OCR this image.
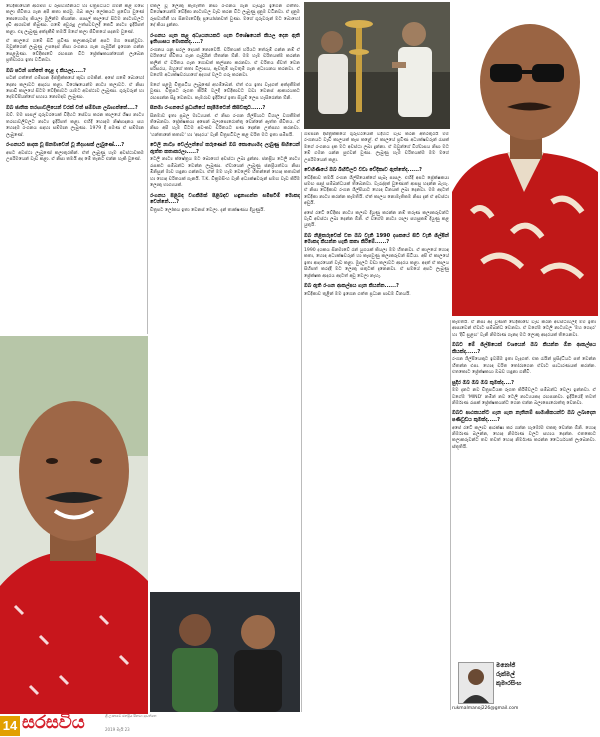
වේදිකාවෙන් ආරම්භ වී රූපවාහිනියට හා චිත්‍රපටියට ගමන් කළ ඔබේ කලා ජීවිතය ගැන අපි කතා කරමු. ඔබ කලා ලෝකයට ප්‍රවේශ වුණේ කොහොමද කියලා මුලින්ම කියන්න. පාසල් කාලයේ සිටම නාට්‍යවලට දැඩි ආශාවක් තිබුණා. ගමේ අවුරුදු උත්සවවලදී කෙටි නාට්‍ය ඉදිරිපත් කළා. එදා ලැබුණු අත්දැකීම් තමයි මගේ කලා ජීවිතයේ පදනම වුණේ.

ඒ කාලයේ ගමේ සිටි ප්‍රවීණ කලාකරුවන් අපට මග පෙන්වූවා. ඔවුන්ගෙන් ලැබුණු උපදෙස් නිසා රංගනය ගැන ගැඹුරින් ඉගෙන ගන්න පෙළඹුණා. වේදිකාවේ රඟපාන විට ප්‍රේක්ෂකයන්ගෙන් ලැබෙන ප්‍රතිචාරය ඉතා වටිනවා.

ඔබ පටන් ගත්තේ දෙළ ද කියලද.....?

පටන් ගත්තේ ගම්පාන දිස්ත්‍රික්කයේ කුඩා ගමකින්. අපේ ගමේ බොහෝ දෙනා කලාවට ආදරය කළා. විශේෂයෙන්ම නාට්‍ය කලාවට. ඒ නිසා පොඩි කාලයේ සිටම වේදිකාවට යාමට අවස්ථාව ලැබුණා. ගුරුවරුන් හා දෙමව්පියන්ගේ සහාය නොමඳව ලැබුණා.

ඔබ ජාතික තරඟාවලියෙන් වරක් වත් සම්මාන ලබාගත්තේ....?

ඔව්. මම පාසල් ගුරුවරයෙක් විදිහට සේවය කරන කාලයේ ශිෂ්‍ය නාට්‍ය තරඟාවලිවලට නාට්‍ය ඉදිරිපත් කළා. එහිදී හොඳම නිෂ්පාදනය සහ හොඳම රංගනය සඳහා සම්මාන ලැබුණා. 1979 දී පමණ ඒ සම්මාන ලැබුණේ.

රංගනයට පාදක වූ සිනමාවෙන් වූ නිදහසක් ලැබුණේ....?

අපට අවස්ථා ලැබුණේ කලාතුරකින්. ඒත් ලැබුණු හැම අවස්ථාවකම උපරිමයෙන් වැඩ කළා. ඒ නිසා තමයි අද මේ තැනට එන්න හැකි වුණේ.

එකල වූ ලොකු කැමැත්ත නිසා රංගනය ගැන වැඩිදුර ඉගෙන ගත්තා. විශේෂයෙන්ම වේදිකා නාට්‍යවල වැඩ කරන විට ලැබුණු දැනුම වටිනවා. ඒ දැනුම රූපවාහිනී හා සිනමාවේදීද ප්‍රයෝජනවත් වුණා. මගේ ගුරුවරුන් මට බොහෝ දේ කියා දුන්නා.

රංගනය ගැන කළ අධ්‍යයනයකට ගැන විශේෂයෙන් කියල දෙන ඇති ඉතිහාසය මොකක්ද.....?

රංගනය යනු සරල දෙයක් නොවෙයි. චරිතයක් හරියට තේරුම් ගන්න නම් ඒ චරිතයේ ජීවිතය ගැන ගැඹුරින් හිතන්න ඕනි. මම හැම චරිතයක්ම කරන්න කලින් ඒ චරිතය ගැන ගොඩක් කල්පනා කරනවා. ඒ චරිතය ජීවත් වෙන පරිසරය, ඔහුගේ කතා විලාසය, ඇවතුම් පැවතුම් ගැන අධ්‍යයනය කරනවා. ඒ වගේම අධ්‍යක්ෂවරයාගේ අදහස් වලට ගරු කරනවා.

මගේ පළමු චිත්‍රපටිය ලැබුණේ අහම්බෙන්. ඒත් එය ඉතා වැදගත් අත්දැකීමක් වුණා. චිත්‍රපට රූගත කිරීම් වලදී වේදිකාවට වඩා වෙනස් ආකාරයකට රඟපාන්න සිදු වෙනවා. කැමරාව ඉදිරියේ ඉතා සියුම් ලෙස හැසිරෙන්න ඕනි.

සිනමා රංගනයේ ප්‍රධානියේ කැපීමටෙන් කිසිවකුට......?

සිනමාව ඉතා ප්‍රබල මාධ්‍යයක්. ඒ නිසා රංගන ශිල්පියාට විශාල වගකීමක් තිබෙනවා. ප්‍රේක්ෂකයා අපෙන් බලාපොරොත්තු වෙන්නේ ඇත්ත ජීවිතය. ඒ නිසා අපි හැම විටම අවංකව චරිතයට පණ දෙන්න උත්සාහ කරනවා. 'හන්තානේ කතාව' හා 'ආදරය' වැනි චිත්‍රපටිවල කළ චරිත මට ඉතා සමීපයි.

ටෙලි නාට්‍ය වෙල්ලන්ගේ කරුණෙන් ඔබ කොහොමද ලැබුණු සිහියෙන් ඇත්ත කතාකරලා.....?

ටෙලි නාට්‍ය ක්ෂේත්‍රය මට බොහෝ අවස්ථා ලබා දුන්නා. ජනප්‍රිය ටෙලි නාට්‍ය රැසකට සම්බන්ධ වෙන්න ලැබුණා. ඒවායෙන් ලැබුණු ජනප්‍රියත්වය නිසා මිනිසුන් මාව හඳුනා ගන්නවා. ඒත් මම හැම වෙලේම හිතන්නේ හොඳ කතාවක් හා හොඳ චරිතයක් ගැනයි. T.K. වික්‍රමසිංහ වැනි අධ්‍යක්ෂවරුන් සමඟ වැඩ කිරීම ලොකු භාග්‍යයක්.

රංගනය පිළිබඳ වගකීමක් පිළිබඳව හඳුනාගන්න සමීපවීම් මොකද වෙන්නේ....?

චිත්‍රපට ලෝකය ඉතා වෙනස් වෙලා. දැන් තාක්ෂණය දියුණුයි.

ගම්පාන දිස්ත්‍රික්කයේ ගුරුවරයෙක් විදිහට වැඩ කරන අතරතුරයි මම රංගනයට වැඩි කාලයක් කැප කළේ. ඒ කාලයේ ප්‍රවීණ අධ්‍යක්ෂවරුන් රැසක් මගේ රංගනය දැක මට අවස්ථා ලබා දුන්නා. ඒ ඔවුන්ගේ විශ්වාසය නිසා මට මේ ගමන යන්න පුළුවන් වුණා. ලැබුණු හැම චරිතයක්ම මම මගේ උපරිමයෙන් කළා.

වෙහිණියේ ඔබ බිහිවීලට වඩා වේදිකාව ඇත්තේද......?

වේදිකාව තමයි රංගන ශිල්පියෙක්ගේ සැබෑ පාසල. එහිදී අපට ප්‍රේක්ෂකයා සමඟ සෘජු සම්බන්ධයක් තිබෙනවා. වැරැද්දක් වුණොත් ආපසු හදන්න බැහැ. ඒ නිසා වේදිකාව රංගන ශිල්පියාට හොඳ විනයක් ලබා දෙනවා. මම අදටත් වේදිකා නාට්‍ය කරන්න කැමතියි. ඒත් කාලය නොමැතිකම නිසා දැන් ඒ අවස්ථා අඩුයි.

අපේ රටේ වේදිකා නාට්‍ය කලාව දියුණු කරන්න නම් තරුණ කලාකරුවන්ට වැඩි අවස්ථා ලබා දෙන්න ඕනි. ඒ වගේම නාට්‍ය ශාලා පහසුකම් දියුණු කළ යුතුයි.

ඔබ නිළිකරුවෙක් වන ඔබ වැනි 1990 දශකයේ සිටි වැනි ශිල්පීන් මොකද කියන්න හැකි කතා කිරීමේ......?

1990 දශකය සිනමාවේ රන් යුගයක් කියලා මම හිතනවා. ඒ කාලයේ හොඳ කතා, හොඳ අධ්‍යක්ෂවරුන් හා කැපවුණු කලාකරුවන් සිටියා. අපි ඒ කාලයේ ඉතා ආදරයෙන් වැඩ කළා. මුදලට වඩා කලාවට ආදරය කළා. අදත් ඒ කාලය සිහිපත් කරද්දී මට ලොකු සතුටක් දැනෙනවා. ඒ සමයේ අපට ලැබුණු ප්‍රේක්ෂක ආදරය අදටත් අඩු වෙලා නැහැ.

ඔබ ඇති රංගන ආකල්පය ගැන කියන්න......?

වේදිකාව තුළින් මම ඉගෙන ගත්ත ප්‍රධාන පාඩම විනයයි.

කැමතියි. ඒ නිසා අද වුණත් වේදිකාවේ වැඩ කරන අවස්ථාවලදී මම ඉතා ආසාවෙන් ඒවාට සම්බන්ධ වෙනවා. ඒ වගේම ටෙලි නාට්‍යවල 'මහ ගෙදර' හා 'දිවි සුළඟ' වැනි නිර්මාණ ගැනද මට ලොකු ආදරයක් තියෙනවා.

ඔබට මේ ශිල්පියෙක් වශයෙන් ඔබ කියන්න ඕන ආකල්පය කියක්ද......?

රංගන ශිල්පියෙකුට ඉවසීම ඉතා වැදගත්. එක රැයින් ප්‍රසිද්ධියට පත් වෙන්න හිතන්න එපා. හොඳ චරිත තෝරාගෙන ඒවාට සාධාරණයක් කරන්න. එතකොට ප්‍රේක්ෂකයා ඔබව හඳුනා ගනීවි.

සුදීර ඔබ ඔබ ඔබ කුමක්ද....?

මම දැනට නව චිත්‍රපටියක රූගත කිරීම්වලට සම්බන්ධ වෙලා ඉන්නවා. ඒ වගේම 'MIND' නමින් නව ටෙලි නාට්‍යයකද රඟපානවා. ඉදිරියේදී තවත් නිර්මාණ රැසක් ප්‍රේක්ෂකයන්ට ගෙන එන්න බලාපොරොත්තු වෙනවා.

ඔබට පාඨකයන්ට ගැන ගැන නැතිනම් සාමාජිකයන්ට ඔබ ලබාදෙන පණිවුඩය කුමක්ද.....?

අපේ රටේ කලාව ආරක්ෂා කර ගන්න හැමෝම එකතු වෙන්න ඕනි. හොඳ නිර්මාණ බලන්න, හොඳ නිර්මාණ වලට සහාය දෙන්න. එතකොට කලාකරුවන්ට තව තවත් හොඳ නිර්මාණ කරන්න ධෛර්යයක් ලැබෙනවා. ස්තූතියි.

මනෝජ්
රුක්මල්
කුමාරසිංහ
rukmalmanoj226@gmail.com
14 සරසවිය	ශ්‍රී ලංකාවේ ජනප්‍රිය සිනමා පුවත්පත
2019 මැයි 23
